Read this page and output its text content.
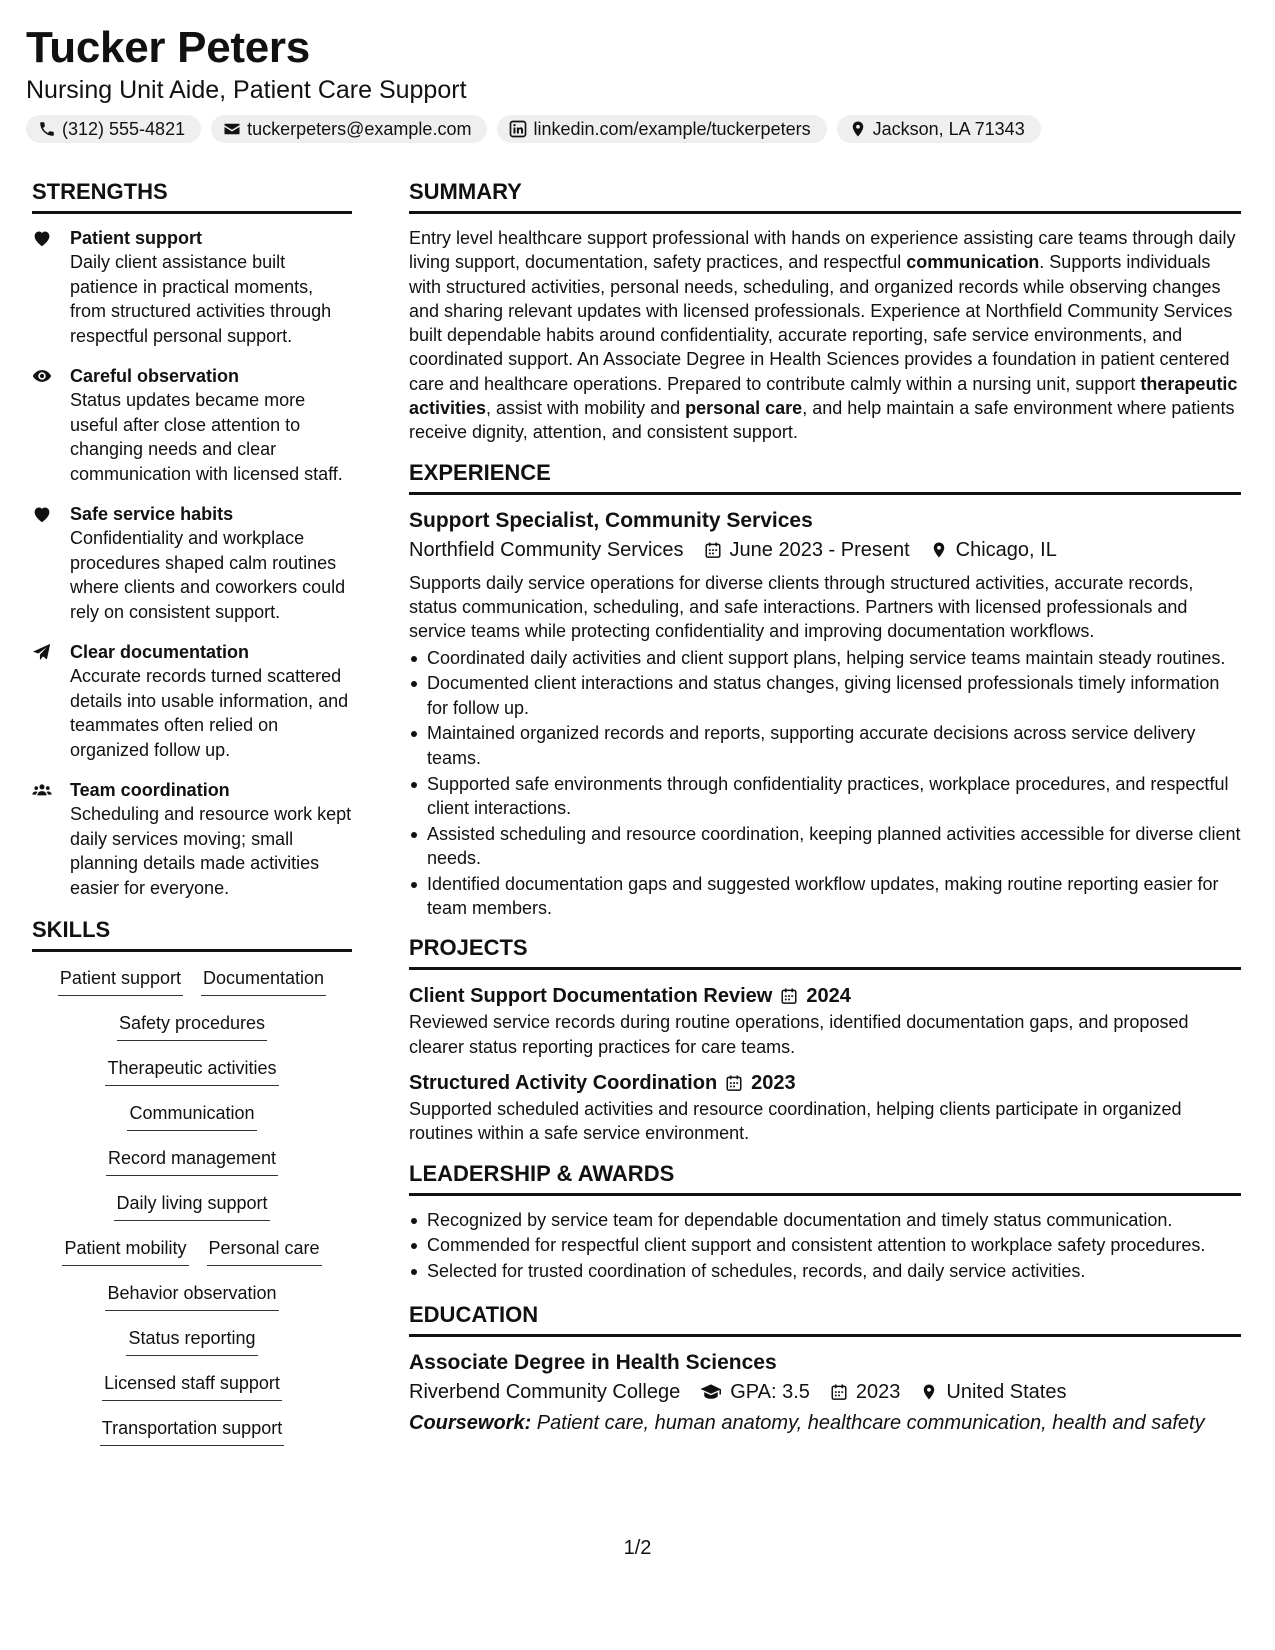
Tucker Peters
Nursing Unit Aide, Patient Care Support
(312) 555-4821	tuckerpeters@example.com	linkedin.com/example/tuckerpeters	Jackson, LA 71343
STRENGTHS
Patient support
Daily client assistance built patience in practical moments, from structured activities through respectful personal support.
Careful observation
Status updates became more useful after close attention to changing needs and clear communication with licensed staff.
Safe service habits
Confidentiality and workplace procedures shaped calm routines where clients and coworkers could rely on consistent support.
Clear documentation
Accurate records turned scattered details into usable information, and teammates often relied on organized follow up.
Team coordination
Scheduling and resource work kept daily services moving; small planning details made activities easier for everyone.
SKILLS
Patient support Documentation
Safety procedures
Therapeutic activities
Communication
Record management
Daily living support
Patient mobility Personal care
Behavior observation
Status reporting
Licensed staff support
Transportation support
SUMMARY

Entry level healthcare support professional with hands on experience assisting care teams through daily living support, documentation, safety practices, and respectful communication. Supports individuals with structured activities, personal needs, scheduling, and organized records while observing changes and sharing relevant updates with licensed professionals. Experience at Northfield Community Services built dependable habits around confidentiality, accurate reporting, safe service environments, and coordinated support. An Associate Degree in Health Sciences provides a foundation in patient centered care and healthcare operations. Prepared to contribute calmly within a nursing unit, support therapeutic activities, assist with mobility and personal care, and help maintain a safe environment where patients receive dignity, attention, and consistent support.

EXPERIENCE
Support Specialist, Community Services
Northfield Community Services June 2023 - Present Chicago, IL

Supports daily service operations for diverse clients through structured activities, accurate records, status communication, scheduling, and safe interactions. Partners with licensed professionals and service teams while protecting confidentiality and improving documentation workflows.

Coordinated daily activities and client support plans, helping service teams maintain steady routines.
Documented client interactions and status changes, giving licensed professionals timely information for follow up.
Maintained organized records and reports, supporting accurate decisions across service delivery teams.
Supported safe environments through confidentiality practices, workplace procedures, and respectful client interactions.
Assisted scheduling and resource coordination, keeping planned activities accessible for diverse client needs.
Identified documentation gaps and suggested workflow updates, making routine reporting easier for team members.
PROJECTS
Client Support Documentation Review 2024

Reviewed service records during routine operations, identified documentation gaps, and proposed clearer status reporting practices for care teams.

Structured Activity Coordination 2023

Supported scheduled activities and resource coordination, helping clients participate in organized routines within a safe service environment.

LEADERSHIP & AWARDS
Recognized by service team for dependable documentation and timely status communication.
Commended for respectful client support and consistent attention to workplace safety procedures.
Selected for trusted coordination of schedules, records, and daily service activities.
EDUCATION
Associate Degree in Health Sciences
Riverbend Community College	GPA: 3.5 2023 United States
Coursework: Patient care, human anatomy, healthcare communication, health and safety
1/2
